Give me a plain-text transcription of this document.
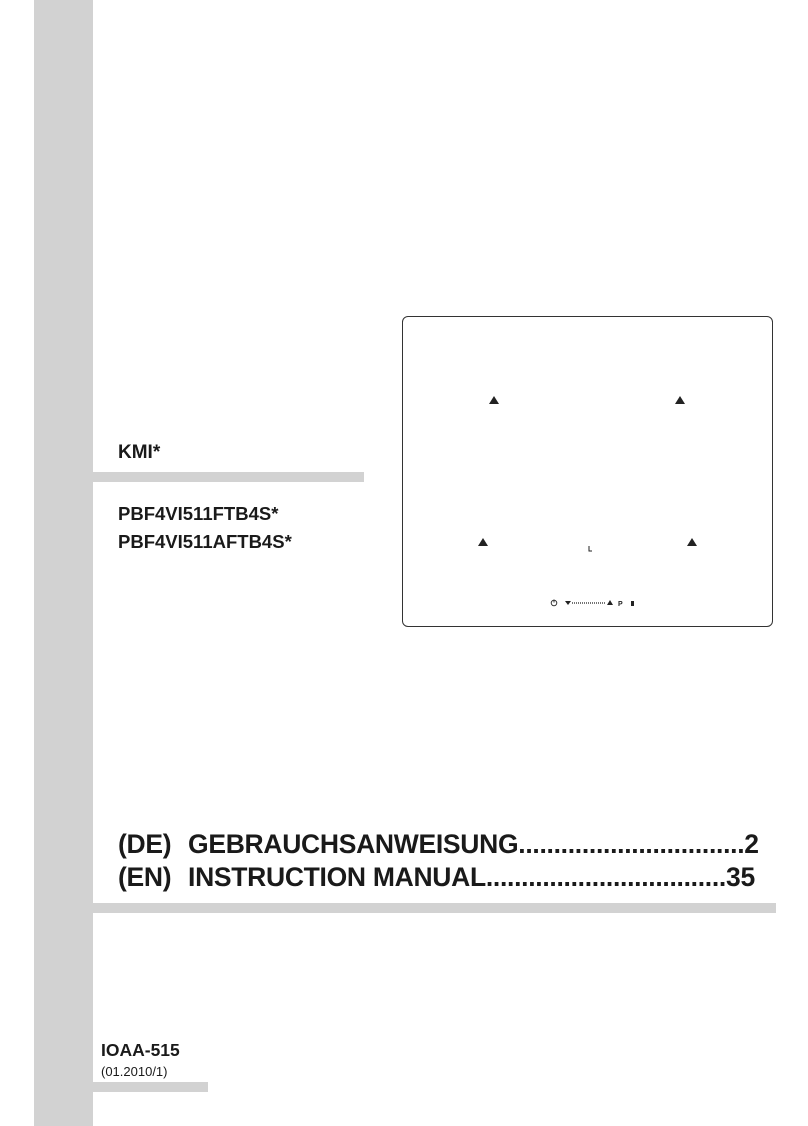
KMI*
PBF4VI511FTB4S*
PBF4VI511AFTB4S*
P
(DE) GEBRAUCHSANWEISUNG................................2
(EN) INSTRUCTION MANUAL..................................35
IOAA-515
(01.2010/1)
